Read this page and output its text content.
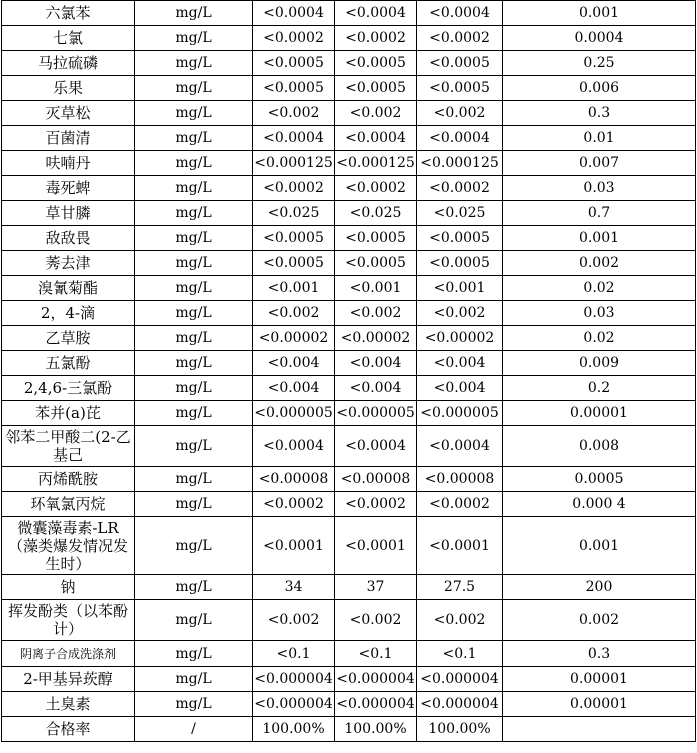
六氯苯	mg/L	<0.0004	<0.0004	<0.0004	0.001
七氯	mg/L	<0.0002	<0.0002	<0.0002	0.0004
马拉硫磷	mg/L	<0.0005	<0.0005	<0.0005	0.25
乐果	mg/L	<0.0005	<0.0005	<0.0005	0.006
灭草松	mg/L	<0.002	<0.002	<0.002	0.3
百菌清	mg/L	<0.0004	<0.0004	<0.0004	0.01
呋喃丹	mg/L	<0.000125	<0.000125	<0.000125	0.007
毒死蜱	mg/L	<0.0002	<0.0002	<0.0002	0.03
草甘膦	mg/L	<0.025	<0.025	<0.025	0.7
敌敌畏	mg/L	<0.0005	<0.0005	<0.0005	0.001
莠去津	mg/L	<0.0005	<0.0005	<0.0005	0.002
溴氰菊酯	mg/L	<0.001	<0.001	<0.001	0.02
2，4-滴	mg/L	<0.002	<0.002	<0.002	0.03
乙草胺	mg/L	<0.00002	<0.00002	<0.00002	0.02
五氯酚	mg/L	<0.004	<0.004	<0.004	0.009
2,4,6-三氯酚	mg/L	<0.004	<0.004	<0.004	0.2
苯并(a)芘	mg/L	<0.000005	<0.000005	<0.000005	0.00001
邻苯二甲酸二(2-乙基己	mg/L	<0.0004	<0.0004	<0.0004	0.008
丙烯酰胺	mg/L	<0.00008	<0.00008	<0.00008	0.0005
环氧氯丙烷	mg/L	<0.0002	<0.0002	<0.0002	0.000 4
微囊藻毒素-LR（藻类爆发情况发生时）	mg/L	<0.0001	<0.0001	<0.0001	0.001
钠	mg/L	34	37	27.5	200
挥发酚类（以苯酚计）	mg/L	<0.002	<0.002	<0.002	0.002
阴离子合成洗涤剂	mg/L	<0.1	<0.1	<0.1	0.3
2-甲基异莰醇	mg/L	<0.000004	<0.000004	<0.000004	0.00001
土臭素	mg/L	<0.000004	<0.000004	<0.000004	0.00001
合格率	/	100.00%	100.00%	100.00%	
